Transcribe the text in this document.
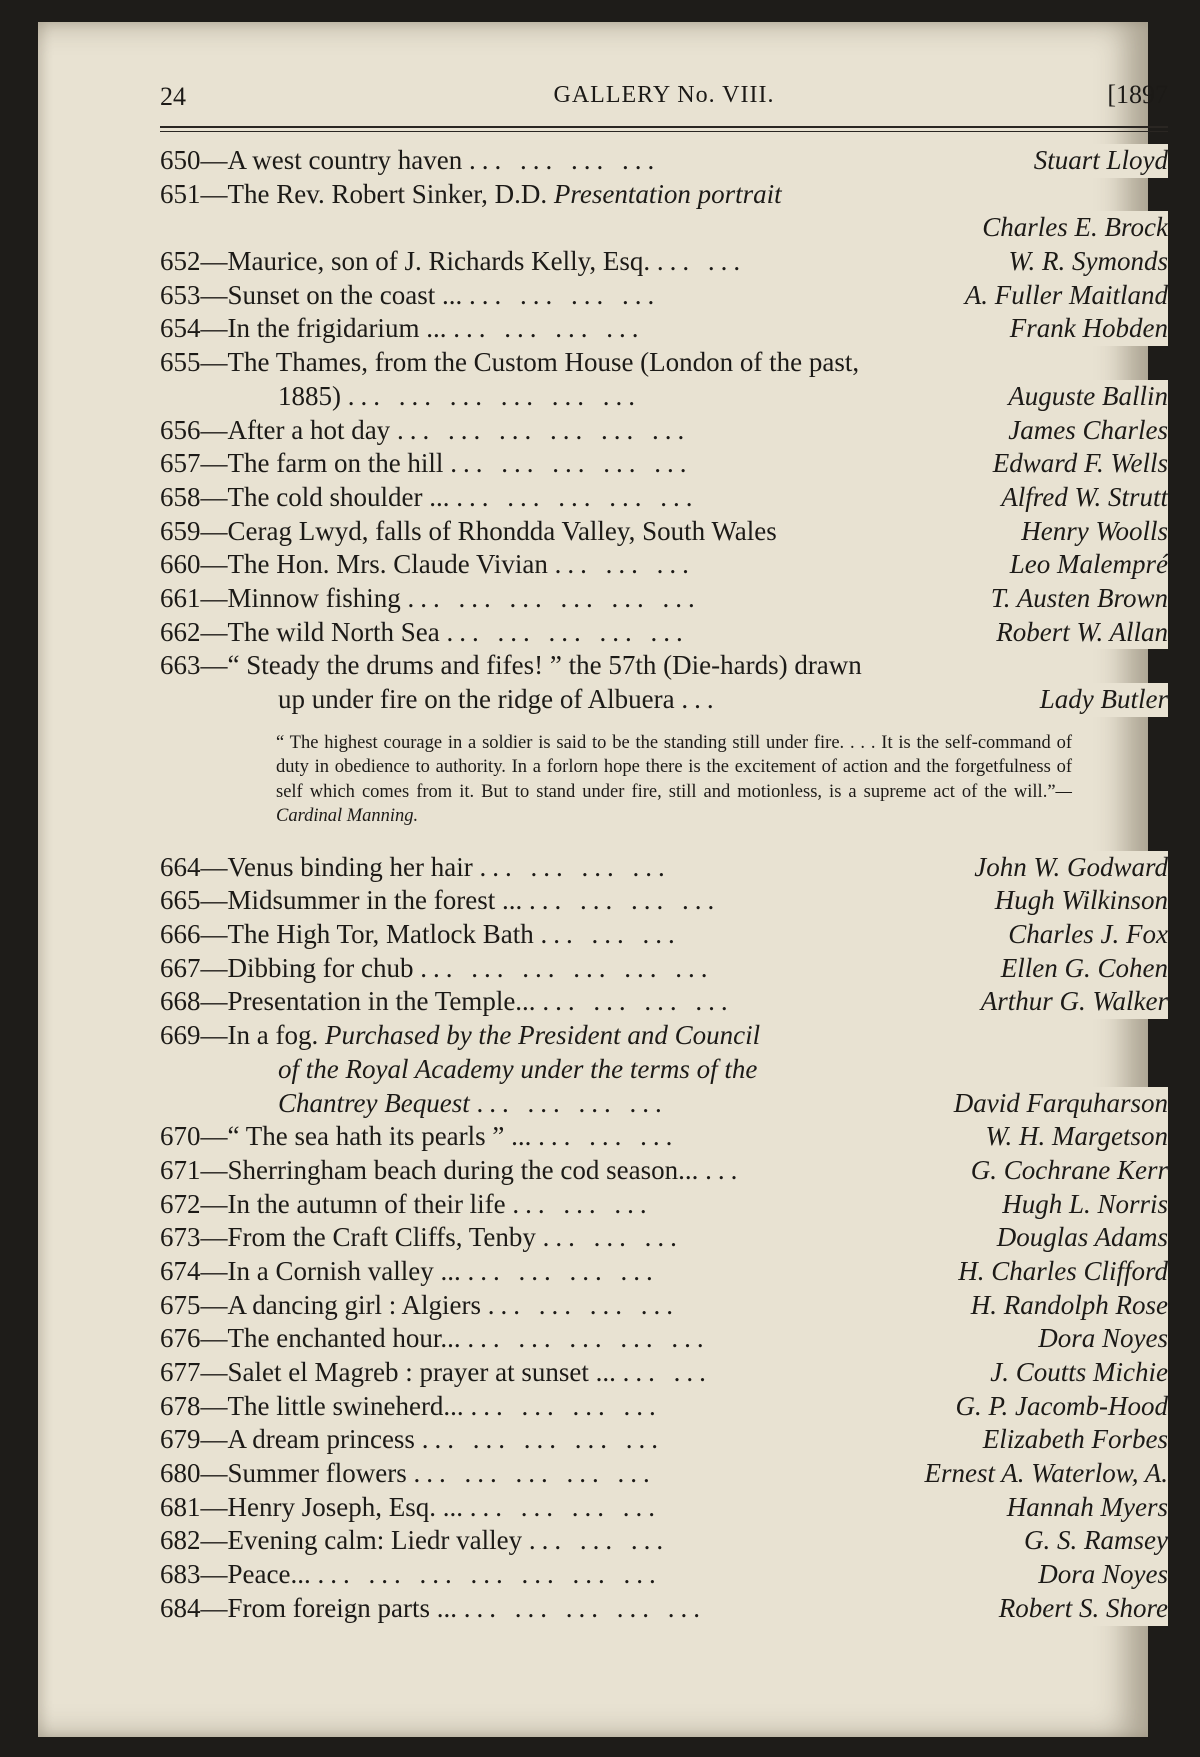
24	GALLERY No. VIII.	[1897
650—A west country haven ... ... ... ...	Stuart Lloyd
651—The Rev. Robert Sinker, D.D. Presentation portrait
Charles E. Brock
652—Maurice, son of J. Richards Kelly, Esq. ... ...	W. R. Symonds
653—Sunset on the coast ... ... ... ... ...	A. Fuller Maitland
654—In the frigidarium ... ... ... ... ...	Frank Hobden
655—The Thames, from the Custom House (London of the past,
1885) ... ... ... ... ... ...	Auguste Ballin
656—After a hot day ... ... ... ... ... ...	James Charles
657—The farm on the hill ... ... ... ... ...	Edward F. Wells
658—The cold shoulder ... ... ... ... ... ...	Alfred W. Strutt
659—Cerag Lwyd, falls of Rhondda Valley, South Wales	Henry Woolls
660—The Hon. Mrs. Claude Vivian ... ... ...	Leo Malempré
661—Minnow fishing ... ... ... ... ... ...	T. Austen Brown
662—The wild North Sea ... ... ... ... ...	Robert W. Allan
663—“ Steady the drums and fifes! ” the 57th (Die-hards) drawn
up under fire on the ridge of Albuera ...	Lady Butler
“ The highest courage in a soldier is said to be the standing still under fire. . . . It is the self-command of duty in obedience to authority. In a forlorn hope there is the excitement of action and the forgetfulness of self which comes from it. But to stand under fire, still and motionless, is a supreme act of the will.”—Cardinal Manning.
664—Venus binding her hair ... ... ... ...	John W. Godward
665—Midsummer in the forest ... ... ... ... ...	Hugh Wilkinson
666—The High Tor, Matlock Bath ... ... ...	Charles J. Fox
667—Dibbing for chub ... ... ... ... ... ...	Ellen G. Cohen
668—Presentation in the Temple... ... ... ... ...	Arthur G. Walker
669—In a fog. Purchased by the President and Council
of the Royal Academy under the terms of the
Chantrey Bequest ... ... ... ...	David Farquharson
670—“ The sea hath its pearls ” ... ... ... ...	W. H. Margetson
671—Sherringham beach during the cod season... ...	G. Cochrane Kerr
672—In the autumn of their life ... ... ...	Hugh L. Norris
673—From the Craft Cliffs, Tenby ... ... ...	Douglas Adams
674—In a Cornish valley ... ... ... ... ...	H. Charles Clifford
675—A dancing girl : Algiers ... ... ... ...	H. Randolph Rose
676—The enchanted hour... ... ... ... ... ...	Dora Noyes
677—Salet el Magreb : prayer at sunset ... ... ...	J. Coutts Michie
678—The little swineherd... ... ... ... ...	G. P. Jacomb-Hood
679—A dream princess ... ... ... ... ...	Elizabeth Forbes
680—Summer flowers ... ... ... ... ...	Ernest A. Waterlow, A.
681—Henry Joseph, Esq. ... ... ... ... ...	Hannah Myers
682—Evening calm: Liedr valley ... ... ...	G. S. Ramsey
683—Peace... ... ... ... ... ... ... ...	Dora Noyes
684—From foreign parts ... ... ... ... ... ...	Robert S. Shore
